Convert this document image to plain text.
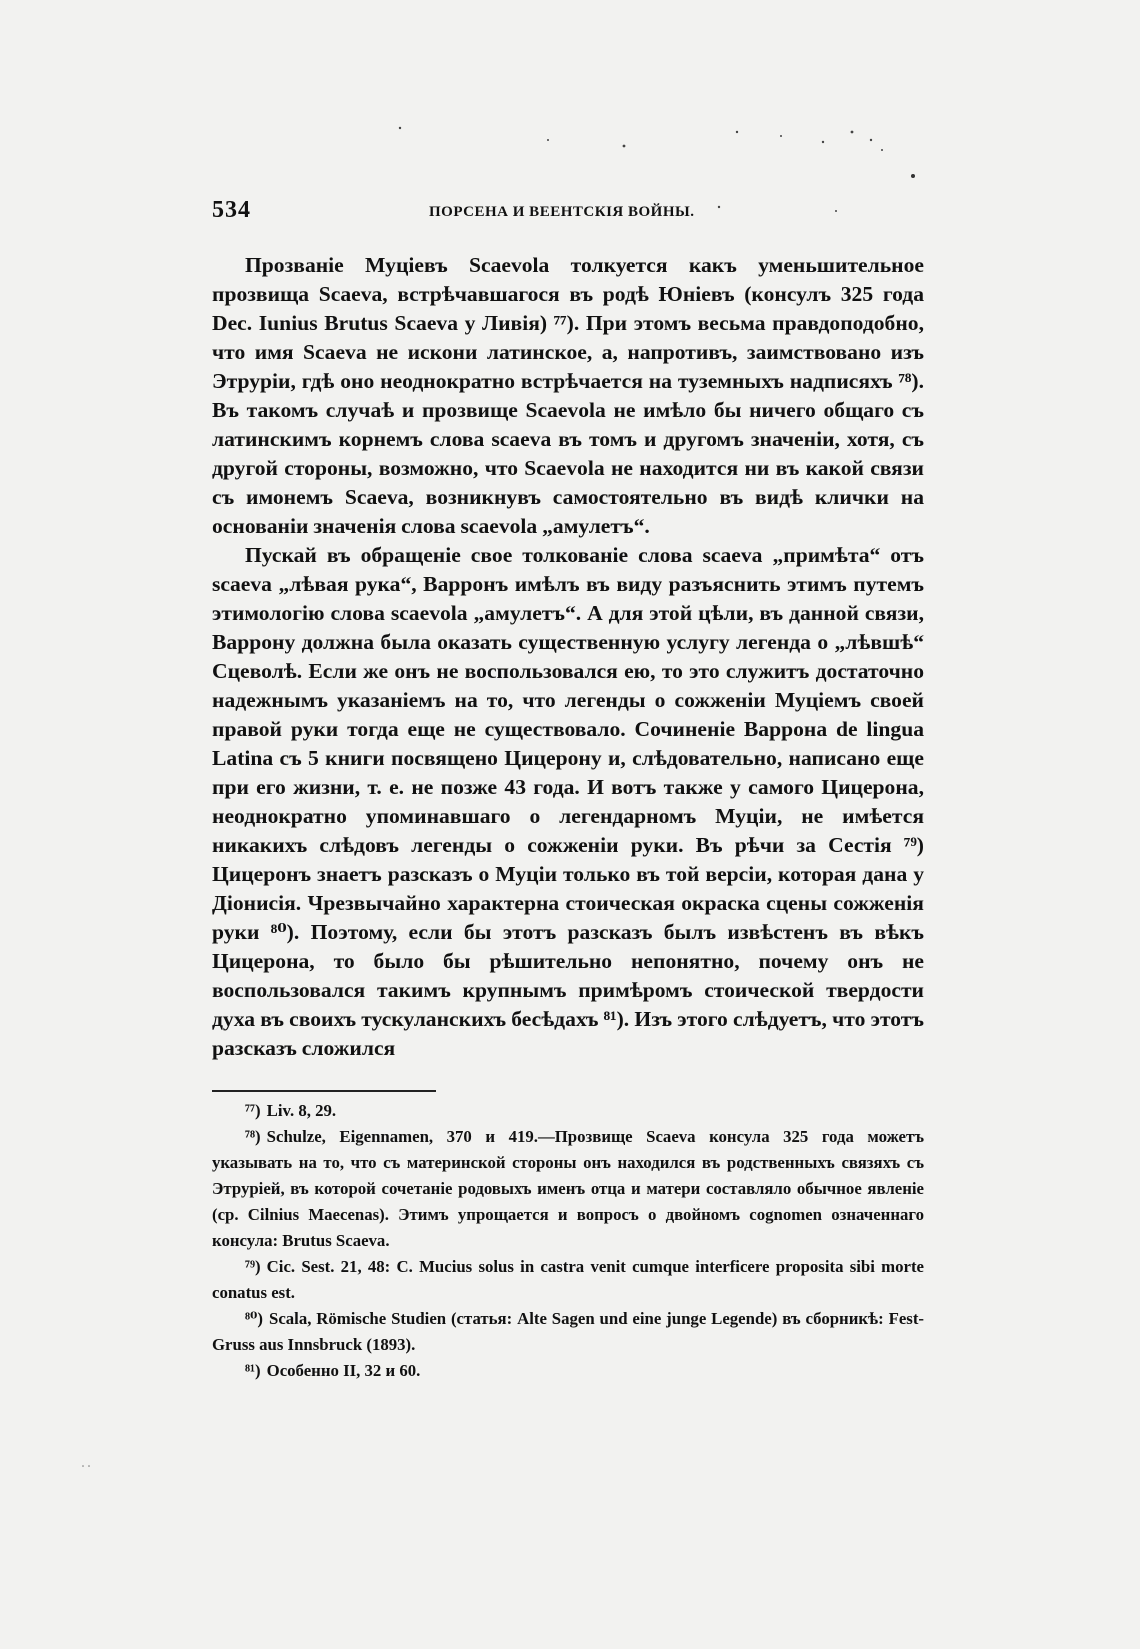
534	ПОРСЕНА И ВЕЕНТСКІЯ ВОЙНЫ.

Прозваніе Муціевъ Scaevola толкуется какъ уменьшительное прозвища Scaeva, встрѣчавшагося въ родѣ Юніевъ (консулъ 325 года Dec. Iunius Brutus Scaeva у Ливія) ⁷⁷). При этомъ весьма правдоподобно, что имя Scaeva не искони латинское, а, напротивъ, заимствовано изъ Этруріи, гдѣ оно неоднократно встрѣчается на туземныхъ надписяхъ ⁷⁸). Въ такомъ случаѣ и прозвище Scaevola не имѣло бы ничего общаго съ латинскимъ корнемъ слова scaeva въ томъ и другомъ значеніи, хотя, съ другой стороны, возможно, что Scaevola не находится ни въ какой связи съ имонемъ Scaeva, возникнувъ самостоятельно въ видѣ клички на основаніи значенія слова scaevola „амулетъ“.

Пускай въ обращеніе свое толкованіе слова scaeva „примѣта“ отъ scaeva „лѣвая рука“, Варронъ имѣлъ въ виду разъяснить этимъ путемъ этимологію слова scaevola „амулетъ“. А для этой цѣли, въ данной связи, Варрону должна была оказать существенную услугу легенда о „лѣвшѣ“ Сцеволѣ. Если же онъ не воспользовался ею, то это служитъ достаточно надежнымъ указаніемъ на то, что легенды о сожженіи Муціемъ своей правой руки тогда еще не существовало. Сочиненіе Варрона de lingua Latina съ 5 книги посвящено Цицерону и, слѣдовательно, написано еще при его жизни, т. е. не позже 43 года. И вотъ также у самого Цицерона, неоднократно упоминавшаго о легендарномъ Муціи, не имѣется никакихъ слѣдовъ легенды о сожженіи руки. Въ рѣчи за Сестія ⁷⁹) Цицеронъ знаетъ разсказъ о Муціи только въ той версіи, которая дана у Діонисія. Чрезвычайно характерна стоическая окраска сцены сожженія руки ⁸⁰). Поэтому, если бы этотъ разсказъ былъ извѣстенъ въ вѣкъ Цицерона, то было бы рѣшительно непонятно, почему онъ не воспользовался такимъ крупнымъ примѣромъ стоической твердости духа въ своихъ тускуланскихъ бесѣдахъ ⁸¹). Изъ этого слѣдуетъ, что этотъ разсказъ сложился

⁷⁷) Liv. 8, 29.

⁷⁸) Schulze, Eigennamen, 370 и 419.—Прозвище Scaeva консула 325 года можетъ указывать на то, что съ материнской стороны онъ находился въ родственныхъ связяхъ съ Этруріей, въ которой сочетаніе родовыхъ именъ отца и матери составляло обычное явленіе (ср. Cilnius Maecenas). Этимъ упрощается и вопросъ о двойномъ cognomen означеннаго консула: Brutus Scaeva.

⁷⁹) Cic. Sest. 21, 48: C. Mucius solus in castra venit cumque interficere proposita sibi morte conatus est.

⁸⁰) Scala, Römische Studien (статья: Alte Sagen und eine junge Legende) въ сборникѣ: Fest-Gruss aus Innsbruck (1893).

⁸¹) Особенно II, 32 и 60.
